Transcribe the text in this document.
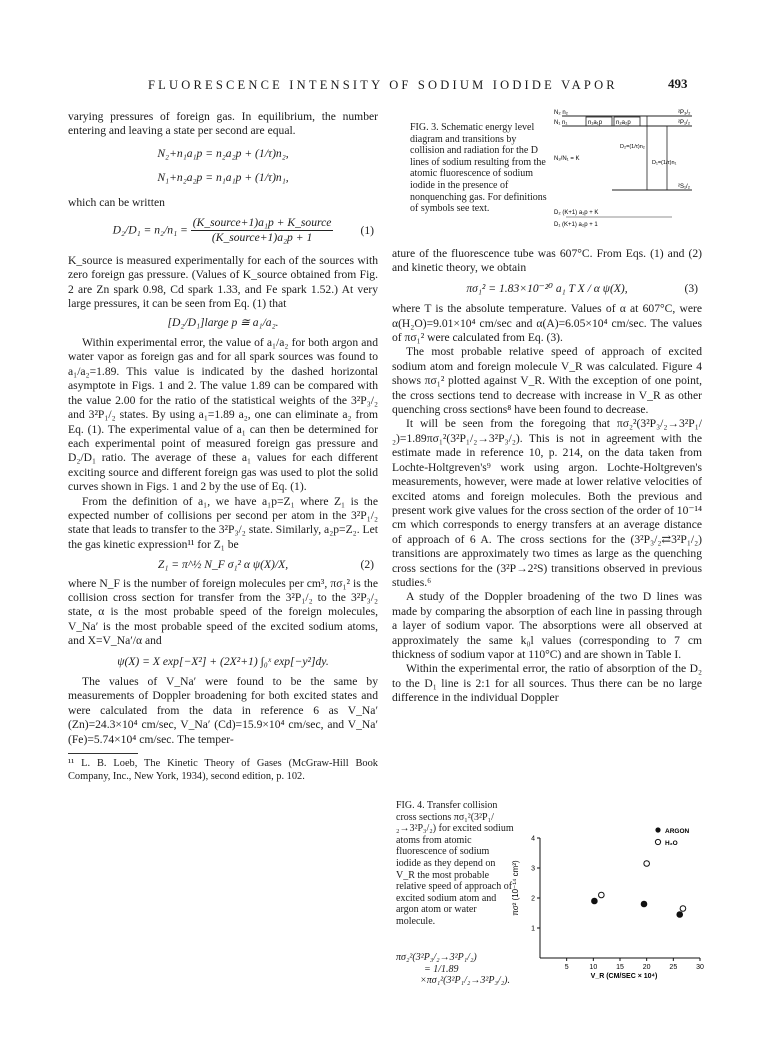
FLUORESCENCE INTENSITY OF SODIUM IODIDE VAPOR	493

varying pressures of foreign gas. In equilibrium, the number entering and leaving a state per second are equal.

N₂+n₁a₁p = n₂a₂p + (1/τ)n₂,
N₁+n₂a₂p = n₁a₁p + (1/τ)n₁,

which can be written

$D_2/D_1 = n_2/n_1 = \frac{\text{(K\_source+1)a₁p + K\_source}}{\text{(K\_source+1)a₂p + 1}} (1)$

K_source is measured experimentally for each of the sources with zero foreign gas pressure. (Values of K_source obtained from Fig. 2 are Zn spark 0.98, Cd spark 1.33, and Fe spark 1.52.) At very large pressures, it can be seen from Eq. (1) that

[D₂/D₁]large p ≅ a₁/a₂.

Within experimental error, the value of a₁/a₂ for both argon and water vapor as foreign gas and for all spark sources was found to a₁/a₂=1.89. This value is indicated by the dashed horizontal asymptote in Figs. 1 and 2. The value 1.89 can be compared with the value 2.00 for the ratio of the statistical weights of the 3²P₃/₂ and 3²P₁/₂ states. By using a₁=1.89 a₂, one can eliminate a₂ from Eq. (1). The experimental value of a₁ can then be determined for each experimental point of measured foreign gas pressure and D₂/D₁ ratio. The average of these a₁ values for each different exciting source and different foreign gas was used to plot the solid curves shown in Figs. 1 and 2 by the use of Eq. (1).

From the definition of a₁, we have a₁p=Z₁ where Z₁ is the expected number of collisions per second per atom in the 3²P₁/₂ state that leads to transfer to the 3²P₃/₂ state. Similarly, a₂p=Z₂. Let the gas kinetic expression¹¹ for Z₁ be

Z₁ = π^½ N_F σ₁² α ψ(X)/X,	(2)

where N_F is the number of foreign molecules per cm³, πσ₁² is the collision cross section for transfer from the 3²P₁/₂ to the 3²P₃/₂ state, α is the most probable speed of the foreign molecules, V_Na′ is the most probable speed of the excited sodium atoms, and X=V_Na′/α and

ψ(X) = X exp[−X²] + (2X²+1) ∫₀ˣ exp[−y²]dy.

The values of V_Na′ were found to be the same by measurements of Doppler broadening for both excited states and were calculated from the data in reference 6 as V_Na′ (Zn)=24.3×10⁴ cm/sec, V_Na′ (Cd)=15.9×10⁴ cm/sec, and V_Na′ (Fe)=5.74×10⁴ cm/sec. The temper-

¹¹ L. B. Loeb, The Kinetic Theory of Gases (McGraw-Hill Book Company, Inc., New York, 1934), second edition, p. 102.

FIG. 3. Schematic energy level diagram and transitions by collision and radiation for the D lines of sodium resulting from the atomic fluorescence of sodium iodide in the presence of nonquenching gas. For definitions of symbols see text.
²P₃/₂
²P₁/₂
²S₁/₂
N₂ n₂
N₁ n₁	n₁a₁p n₂a₂p
N₂/N₁ = K
D₂=(1/τ)n₂
D₁=(1/τ)n₁
D₂ (K+1) a₁p + K
D₁ (K+1) a₂p + 1

ature of the fluorescence tube was 607°C. From Eqs. (1) and (2) and kinetic theory, we obtain

πσ₁² = 1.83×10⁻²⁰ a₁ T X / α ψ(X),	(3)

where T is the absolute temperature. Values of α at 607°C, were α(H₂O)=9.01×10⁴ cm/sec and α(A)=6.05×10⁴ cm/sec. The values of πσ₁² were calculated from Eq. (3).

The most probable relative speed of approach of excited sodium atom and foreign molecule V_R was calculated. Figure 4 shows πσ₁² plotted against V_R. With the exception of one point, the cross sections tend to decrease with increase in V_R as other quenching cross sections⁸ have been found to decrease.

It will be seen from the foregoing that πσ₂²(3²P₃/₂→3²P₁/₂)=1.89πσ₁²(3²P₁/₂→3²P₃/₂). This is not in agreement with the estimate made in reference 10, p. 214, on the data taken from Lochte-Holtgreven's⁹ work using argon. Lochte-Holtgreven's measurements, however, were made at lower relative velocities of excited atoms and foreign molecules. Both the previous and present work give values for the cross section of the order of 10⁻¹⁴ cm which corresponds to energy transfers at an average distance of approach of 6 A. The cross sections for the (3²P₃/₂⇄3²P₁/₂) transitions are approximately two times as large as the quenching cross sections for the (3²P→2²S) transitions observed in previous studies.⁶

A study of the Doppler broadening of the two D lines was made by comparing the absorption of each line in passing through a layer of sodium vapor. The absorptions were all observed at approximately the same k₀l values (corresponding to 7 cm thickness of sodium vapor at 110°C) and are shown in Table I.

Within the experimental error, the ratio of absorption of the D₂ to the D₁ line is 2:1 for all sources. Thus there can be no large difference in the individual Doppler

FIG. 4. Transfer collision cross sections πσ₁²(3²P₁/₂→3²P₃/₂) for excited sodium atoms from atomic fluorescence of sodium iodide as they depend on V_R the most probable relative speed of approach of excited sodium atom and argon atom or water molecule.
πσ₂²(3²P₃/₂→3²P₁/₂)
= 1/1.89
×πσ₁²(3²P₁/₂→3²P₃/₂).
5	10	15	20	25	30
1
2
3
4
πσ² (10⁻¹⁴ cm²)
V_R (CM/SEC × 10⁴)
ARGON
H₂O
